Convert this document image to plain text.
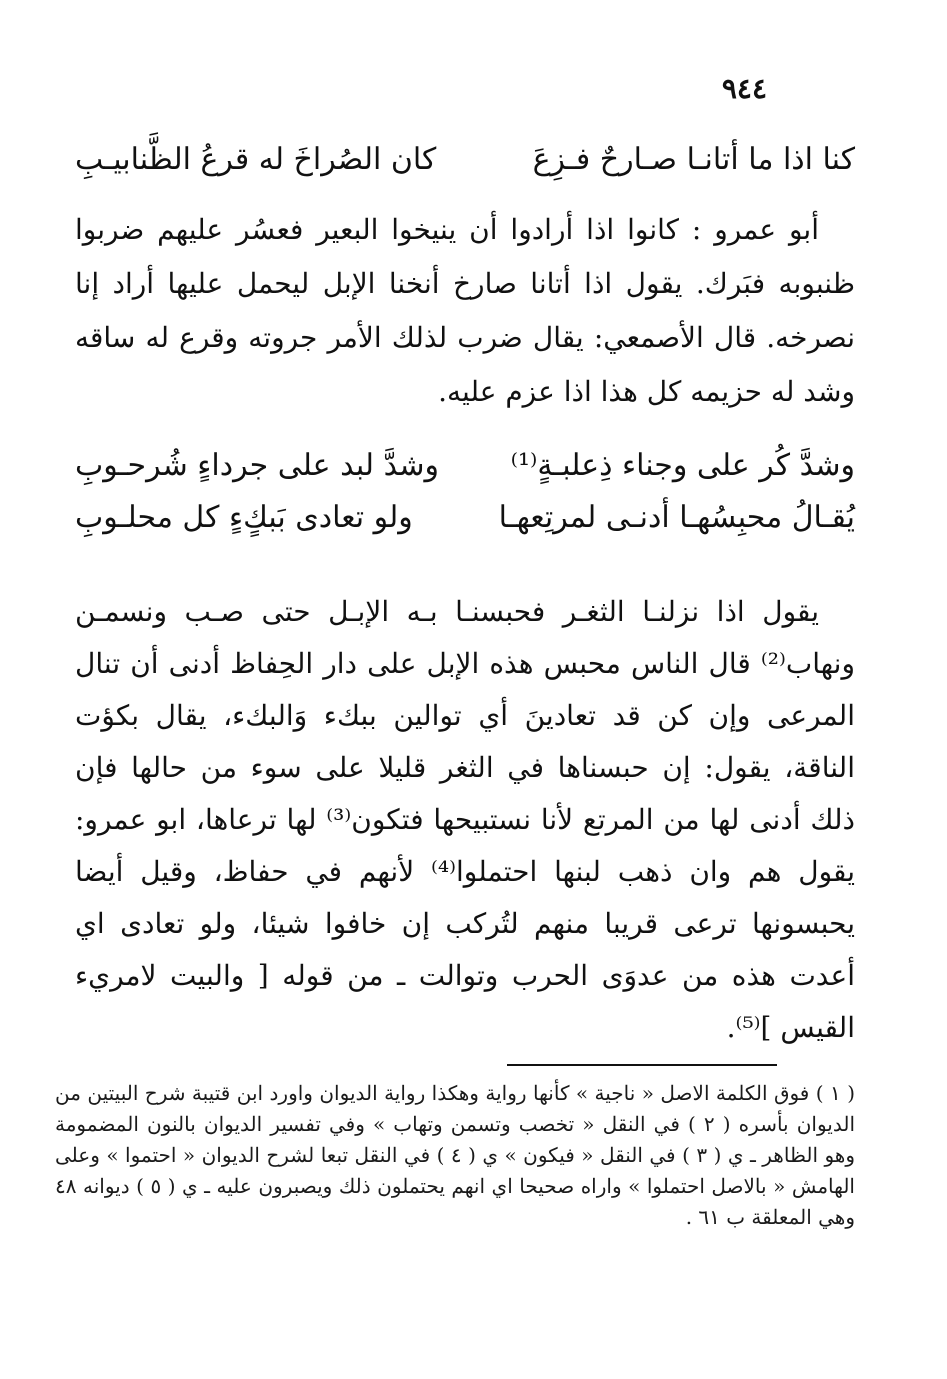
٩٤٤
كنا اذا ما أتانـا صـارحٌ فـزِعَ
كان الصُراخَ له قرعُ الظَّنابيـبِ

أبو عمرو : كانوا اذا أرادوا أن ينيخوا البعير فعسُر عليهم ضربوا ظنبوبه فبَرك. يقول اذا أتانا صارخ أنخنا الإبل ليحمل عليها أراد إنا نصرخه. قال الأصمعي: يقال ضرب لذلك الأمر جروته وقرع له ساقه وشد له حزيمه كل هذا اذا عزم عليه.

وشدَّ كُر على وجناء ذِعلبـةٍ⁽¹⁾
وشدَّ لبد على جرداءٍ شُرحـوبِ
يُقـالُ محبِسُهـا أدنـى لمرتِعهـا
ولو تعادى بَبكٍءٍ كل محلـوبِ

يقول اذا نزلنـا الثغـر فحبسنـا بـه الإبـل حتى صـب ونسمـن ونهاب⁽²⁾ قال الناس محبس هذه الإبل على دار الحِفاظ أدنى أن تنال المرعى وإن كن قد تعادينَ أي توالين ببكء وَالبكء، يقال بكؤت الناقة، يقول: إن حبسناها في الثغر قليلا على سوء من حالها فإن ذلك أدنى لها من المرتع لأنا نستبيحها فتكون⁽³⁾ لها ترعاها، ابو عمرو: يقول هم وان ذهب لبنها احتملوا⁽⁴⁾ لأنهم في حفاظ، وقيل أيضا يحبسونها ترعى قريبا منهم لتُركب إن خافوا شيئا، ولو تعادى اي أعدت هذه من عدوَى الحرب وتوالت ـ من قوله [ والبيت لامريء القيس ]⁽⁵⁾.

( ١ ) فوق الكلمة الاصل « ناجية » كأنها رواية وهكذا رواية الديوان واورد ابن قتيبة شرح البيتين من الديوان بأسره ( ٢ ) في النقل « تخصب وتسمن وتهاب » وفي تفسير الديوان بالنون المضمومة وهو الظاهر ـ ي ( ٣ ) في النقل « فيكون » ي ( ٤ ) في النقل تبعا لشرح الديوان « احتموا » وعلى الهامش « بالاصل احتملوا » واراه صحيحا اي انهم يحتملون ذلك ويصبرون عليه ـ ي ( ٥ ) ديوانه ٤٨ وهي المعلقة ب ٦١ .
